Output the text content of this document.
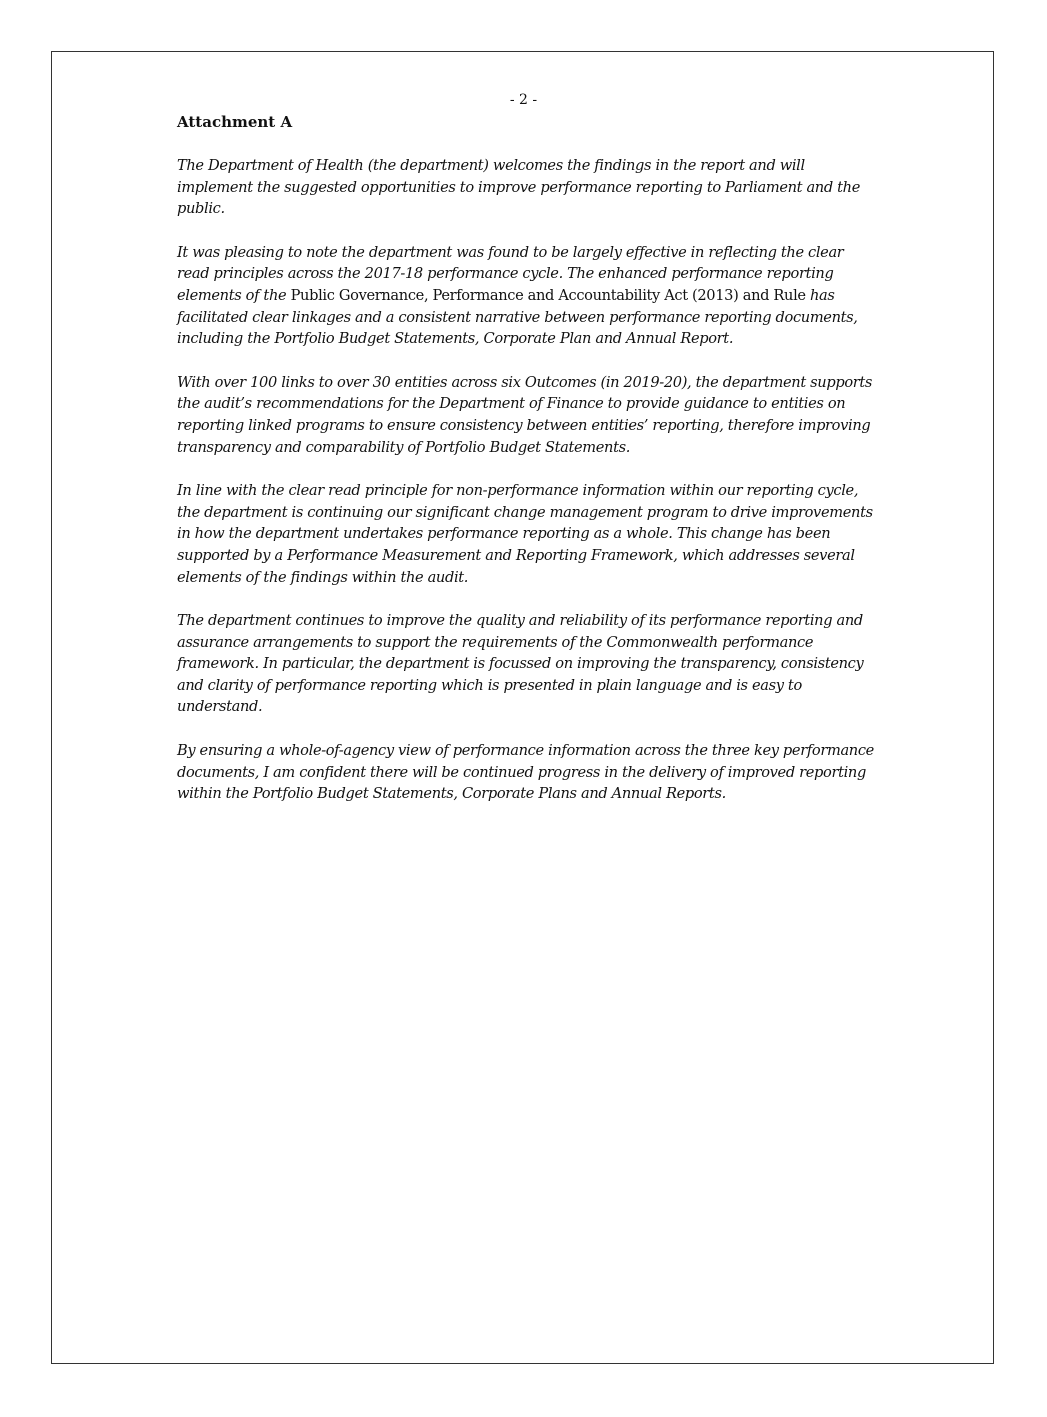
- 2 -
Attachment A

The Department of Health (the department) welcomes the findings in the report and will implement the suggested opportunities to improve performance reporting to Parliament and the public.

It was pleasing to note the department was found to be largely effective in reflecting the clear read principles across the 2017-18 performance cycle. The enhanced performance reporting elements of the Public Governance, Performance and Accountability Act (2013) and Rule has facilitated clear linkages and a consistent narrative between performance reporting documents, including the Portfolio Budget Statements, Corporate Plan and Annual Report.

With over 100 links to over 30 entities across six Outcomes (in 2019-20), the department supports the audit’s recommendations for the Department of Finance to provide guidance to entities on reporting linked programs to ensure consistency between entities’ reporting, therefore improving transparency and comparability of Portfolio Budget Statements.

In line with the clear read principle for non-performance information within our reporting cycle, the department is continuing our significant change management program to drive improvements in how the department undertakes performance reporting as a whole. This change has been supported by a Performance Measurement and Reporting Framework, which addresses several elements of the findings within the audit.

The department continues to improve the quality and reliability of its performance reporting and assurance arrangements to support the requirements of the Commonwealth performance framework. In particular, the department is focussed on improving the transparency, consistency and clarity of performance reporting which is presented in plain language and is easy to understand.

By ensuring a whole-of-agency view of performance information across the three key performance documents, I am confident there will be continued progress in the delivery of improved reporting within the Portfolio Budget Statements, Corporate Plans and Annual Reports.
